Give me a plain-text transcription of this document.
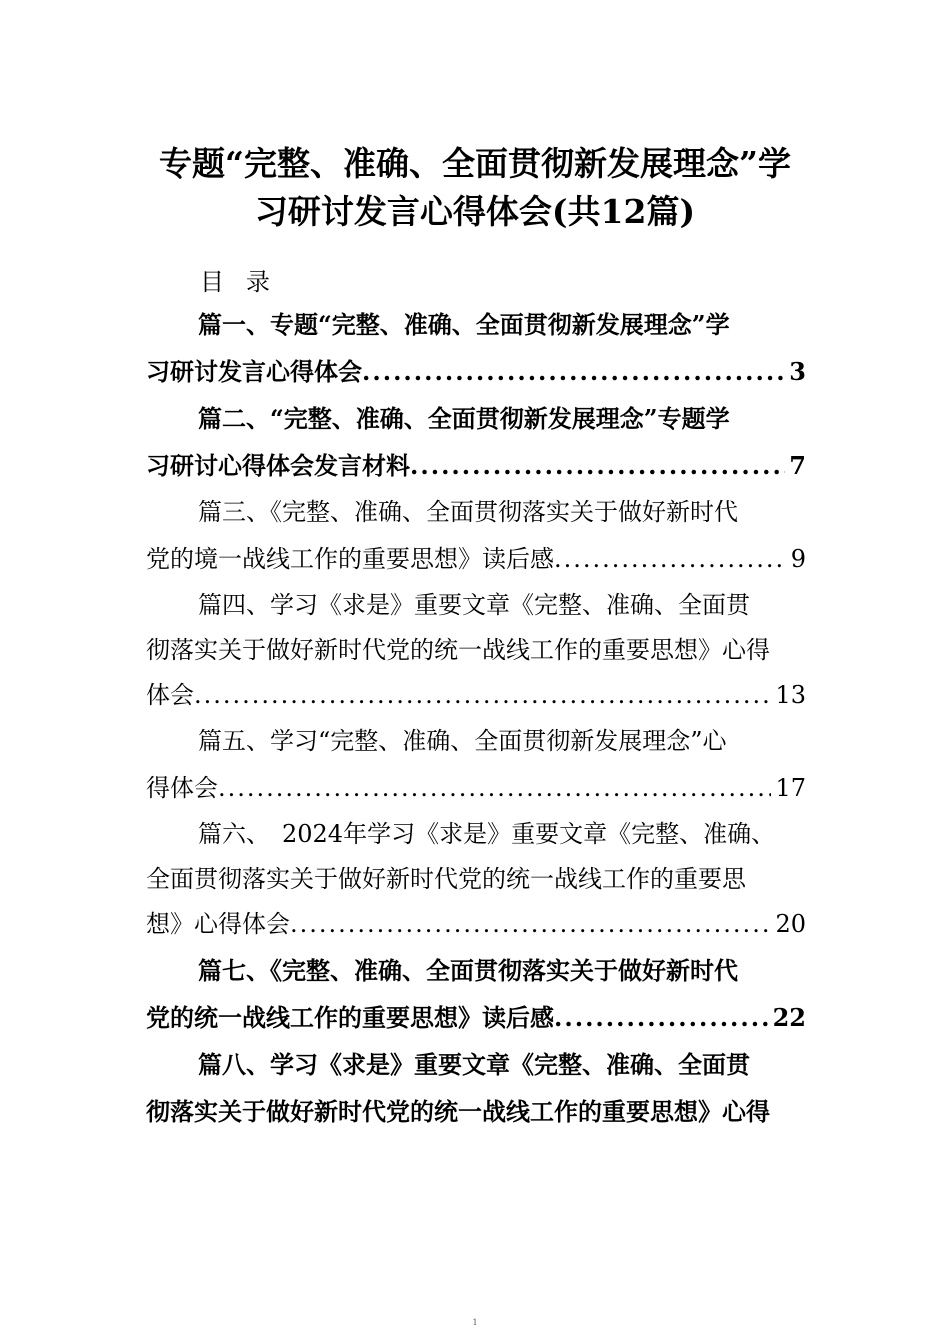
专题“完整、准确、全面贯彻新发展理念”学
习研讨发言心得体会(共12篇)
目录
篇一、专题“完整、准确、全面贯彻新发展理念”学
习研讨发言心得体会 .....	3
篇二、“完整、准确、全面贯彻新发展理念”专题学
习研讨心得体会发言材料 .....	7
篇三、《完整、准确、全面贯彻落实关于做好新时代
党的境一战线工作的重要思想》读后感 .....	9
篇四、学习《求是》重要文章《完整、准确、全面贯
彻落实关于做好新时代党的统一战线工作的重要思想》心得
体会 .....	13
篇五、学习“完整、准确、全面贯彻新发展理念”心
得体会 .....	17
篇六、　2024年学习《求是》重要文章《完整、准确、
全面贯彻落实关于做好新时代党的统一战线工作的重要思
想》心得体会 .....	20
篇七、《完整、准确、全面贯彻落实关于做好新时代
党的统一战线工作的重要思想》读后感 .....	22
篇八、学习《求是》重要文章《完整、准确、全面贯
彻落实关于做好新时代党的统一战线工作的重要思想》心得
1
